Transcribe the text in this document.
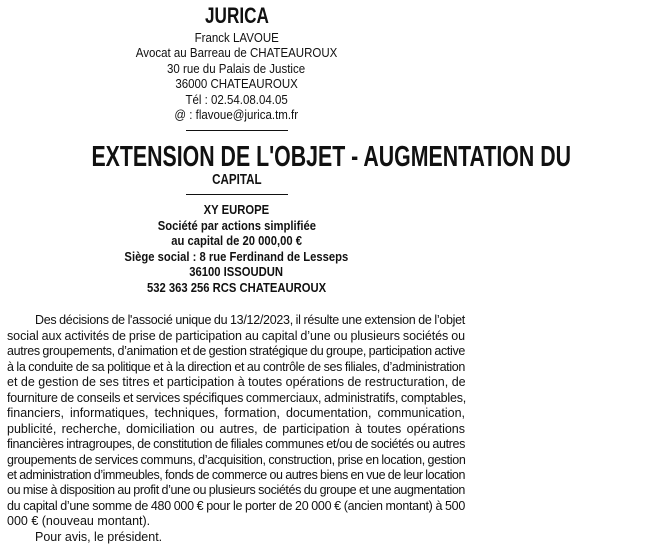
JURICA
Franck LAVOUE
Avocat au Barreau de CHATEAUROUX
30 rue du Palais de Justice
36000 CHATEAUROUX
Tél : 02.54.08.04.05
@ : flavoue@jurica.tm.fr
EXTENSION DE L'OBJET - AUGMENTATION DU
CAPITAL
XY EUROPE
Société par actions simplifiée
au capital de 20 000,00 €
Siège social : 8 rue Ferdinand de Lesseps
36100 ISSOUDUN
532 363 256 RCS CHATEAUROUX
Des décisions de l'associé unique du 13/12/2023, il résulte une extension de l’objet
social aux activités de prise de participation au capital d’une ou plusieurs sociétés ou
autres groupements, d’animation et de gestion stratégique du groupe, participation active
à la conduite de sa politique et à la direction et au contrôle de ses filiales, d’administration
et de gestion de ses titres et participation à toutes opérations de restructuration, de
fourniture de conseils et services spécifiques commerciaux, administratifs, comptables,
financiers, informatiques, techniques, formation, documentation, communication,
publicité, recherche, domiciliation ou autres, de participation à toutes opérations
financières intragroupes, de constitution de filiales communes et/ou de sociétés ou autres
groupements de services communs, d’acquisition, construction, prise en location, gestion
et administration d’immeubles, fonds de commerce ou autres biens en vue de leur location
ou mise à disposition au profit d’une ou plusieurs sociétés du groupe et une augmentation
du capital d’une somme de 480 000 € pour le porter de 20 000 € (ancien montant) à 500
000 € (nouveau montant).
Pour avis, le président.
